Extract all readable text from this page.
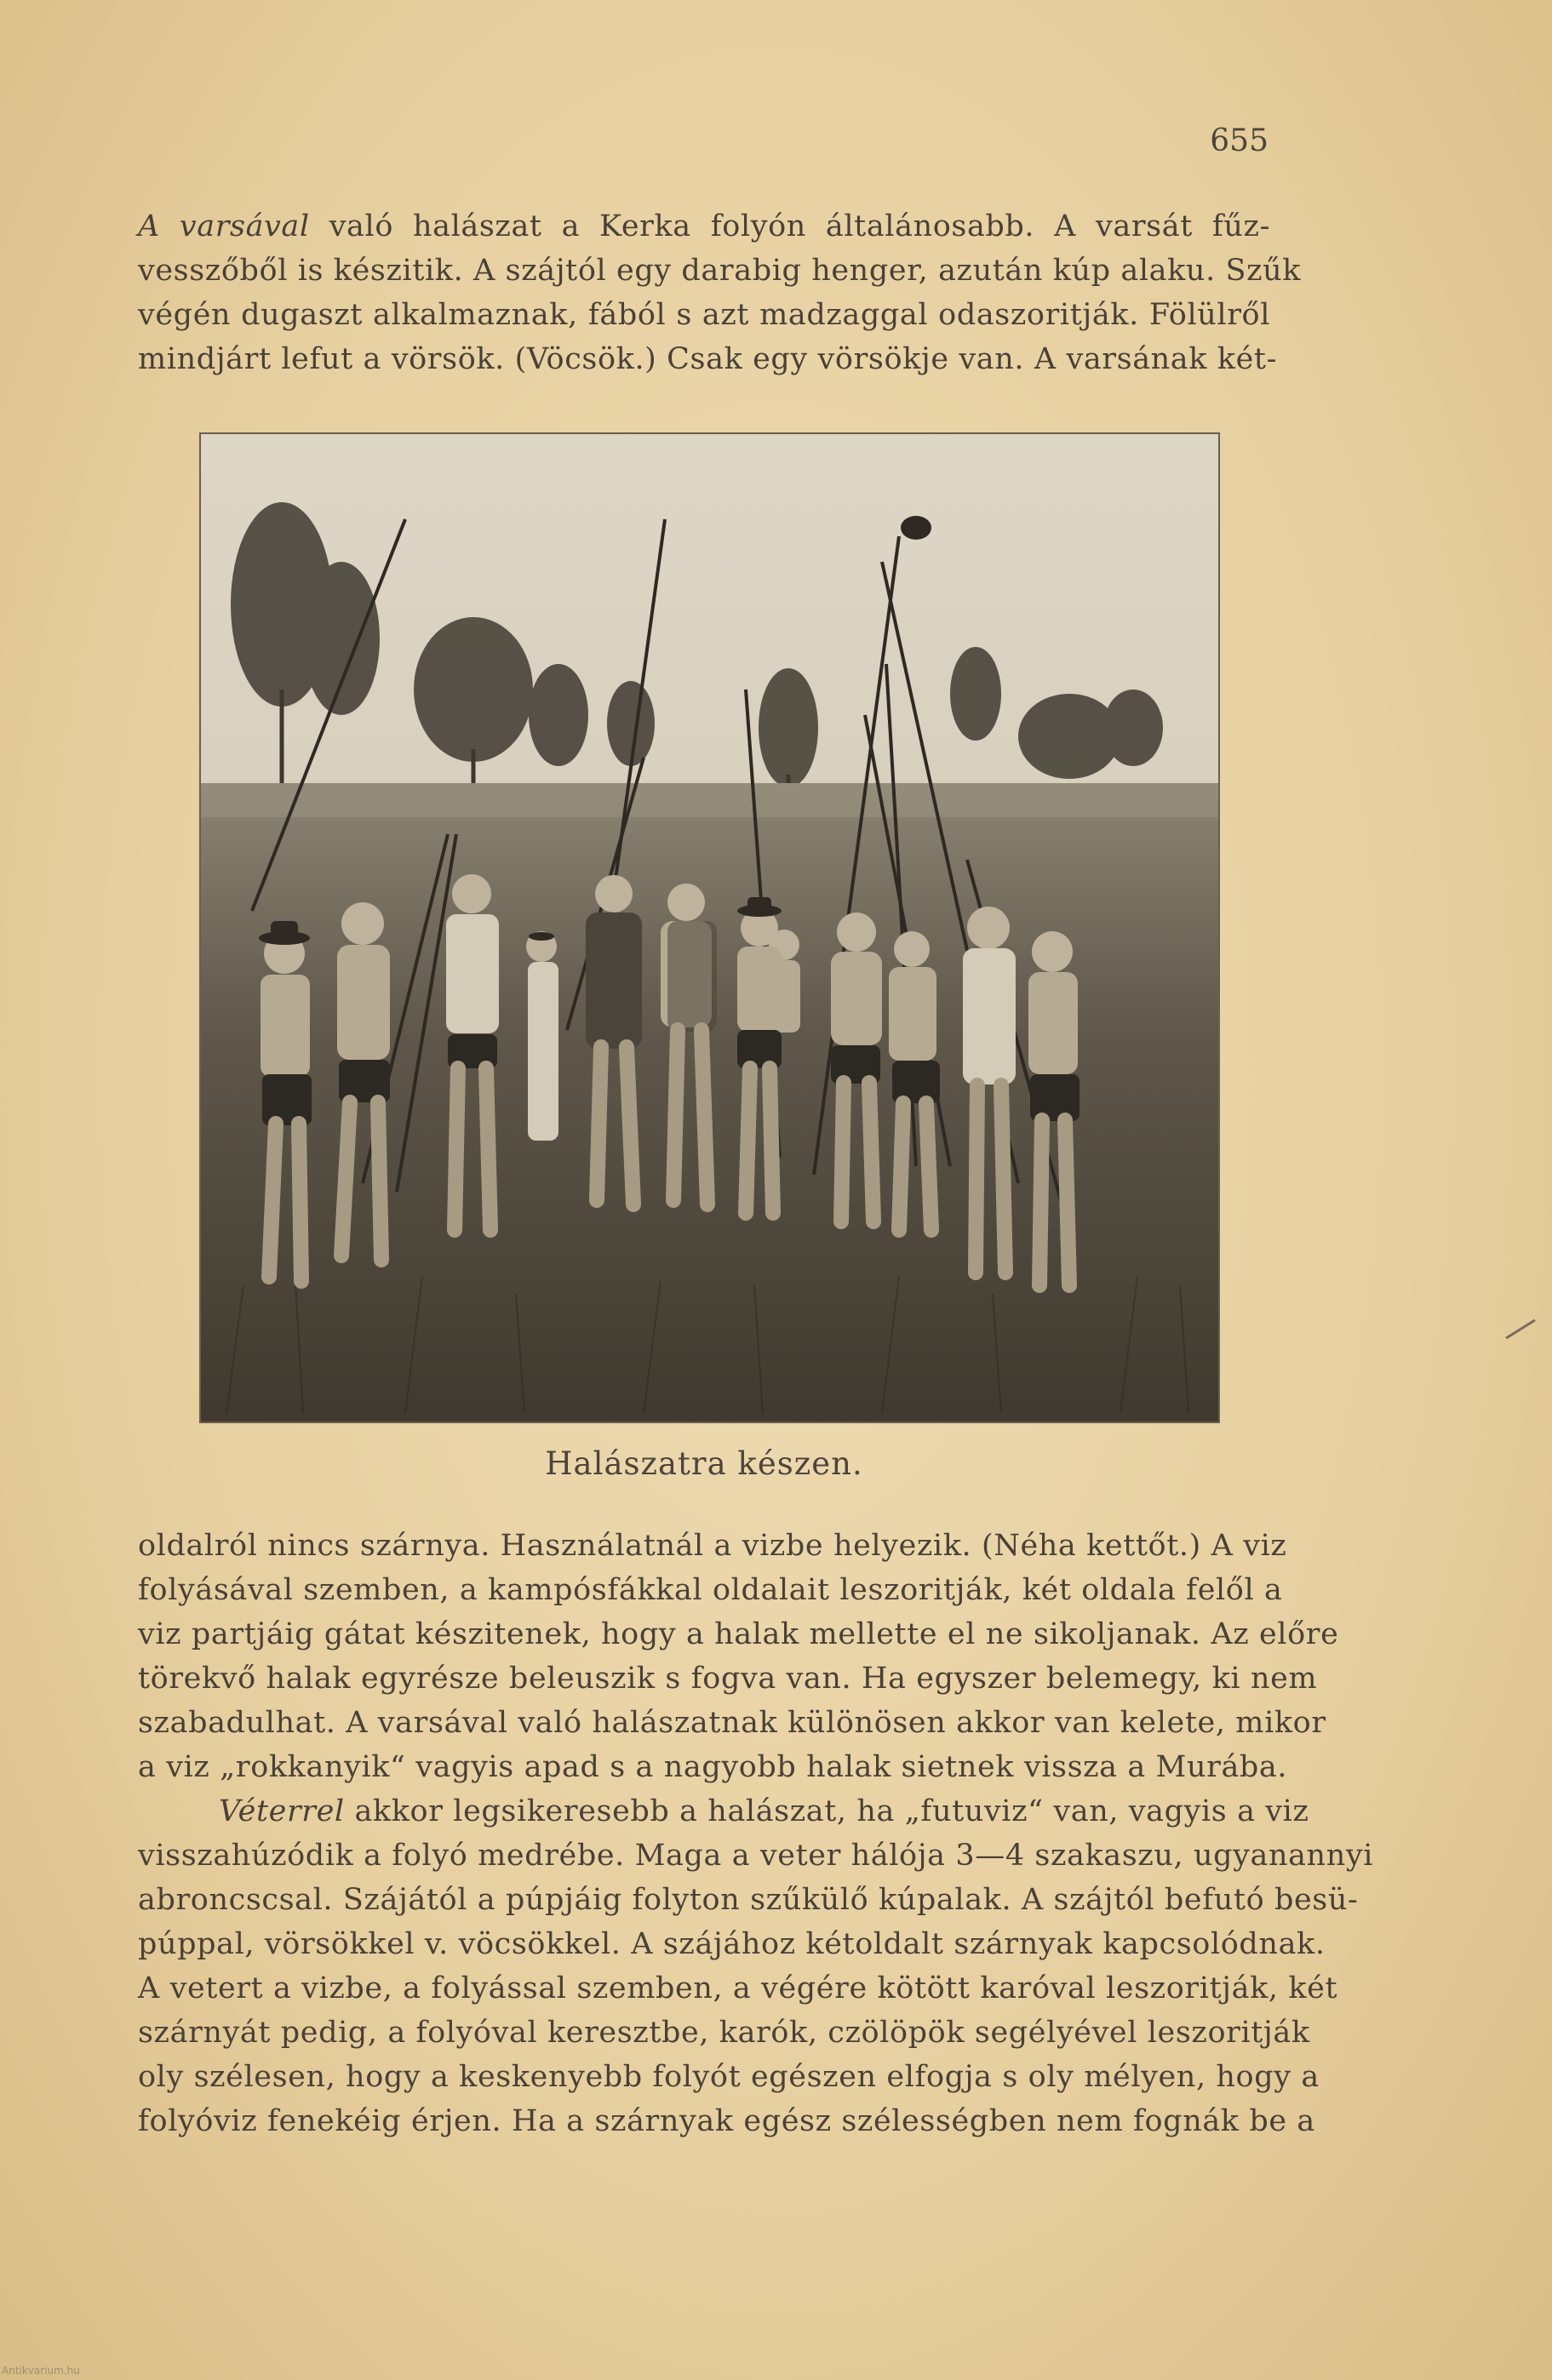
655
A varsával való halászat a Kerka folyón általánosabb. A varsát fűz-
vesszőből is készitik. A szájtól egy darabig henger, azután kúp alaku. Szűk
végén dugaszt alkalmaznak, fából s azt madzaggal odaszoritják. Fölülről
mindjárt lefut a vörsök. (Vöcsök.) Csak egy vörsökje van. A varsának két-
Halászatra készen.
oldalról nincs szárnya. Használatnál a vizbe helyezik. (Néha kettőt.) A viz
folyásával szemben, a kampósfákkal oldalait leszoritják, két oldala felől a
viz partjáig gátat készitenek, hogy a halak mellette el ne sikoljanak. Az előre
törekvő halak egyrésze beleuszik s fogva van. Ha egyszer belemegy, ki nem
szabadulhat. A varsával való halászatnak különösen akkor van kelete, mikor
a viz „rokkanyik“ vagyis apad s a nagyobb halak sietnek vissza a Murába.
Véterrel akkor legsikeresebb a halászat, ha „futuviz“ van, vagyis a viz
visszahúzódik a folyó medrébe. Maga a veter hálója 3—4 szakaszu, ugyanannyi
abroncscsal. Szájától a púpjáig folyton szűkülő kúpalak. A szájtól befutó besü-
púppal, vörsökkel v. vöcsökkel. A szájához kétoldalt szárnyak kapcsolódnak.
A vetert a vizbe, a folyással szemben, a végére kötött karóval leszoritják, két
szárnyát pedig, a folyóval keresztbe, karók, czölöpök segélyével leszoritják
oly szélesen, hogy a keskenyebb folyót egészen elfogja s oly mélyen, hogy a
folyóviz fenekéig érjen. Ha a szárnyak egész szélességben nem fognák be a
Antikvarium.hu
